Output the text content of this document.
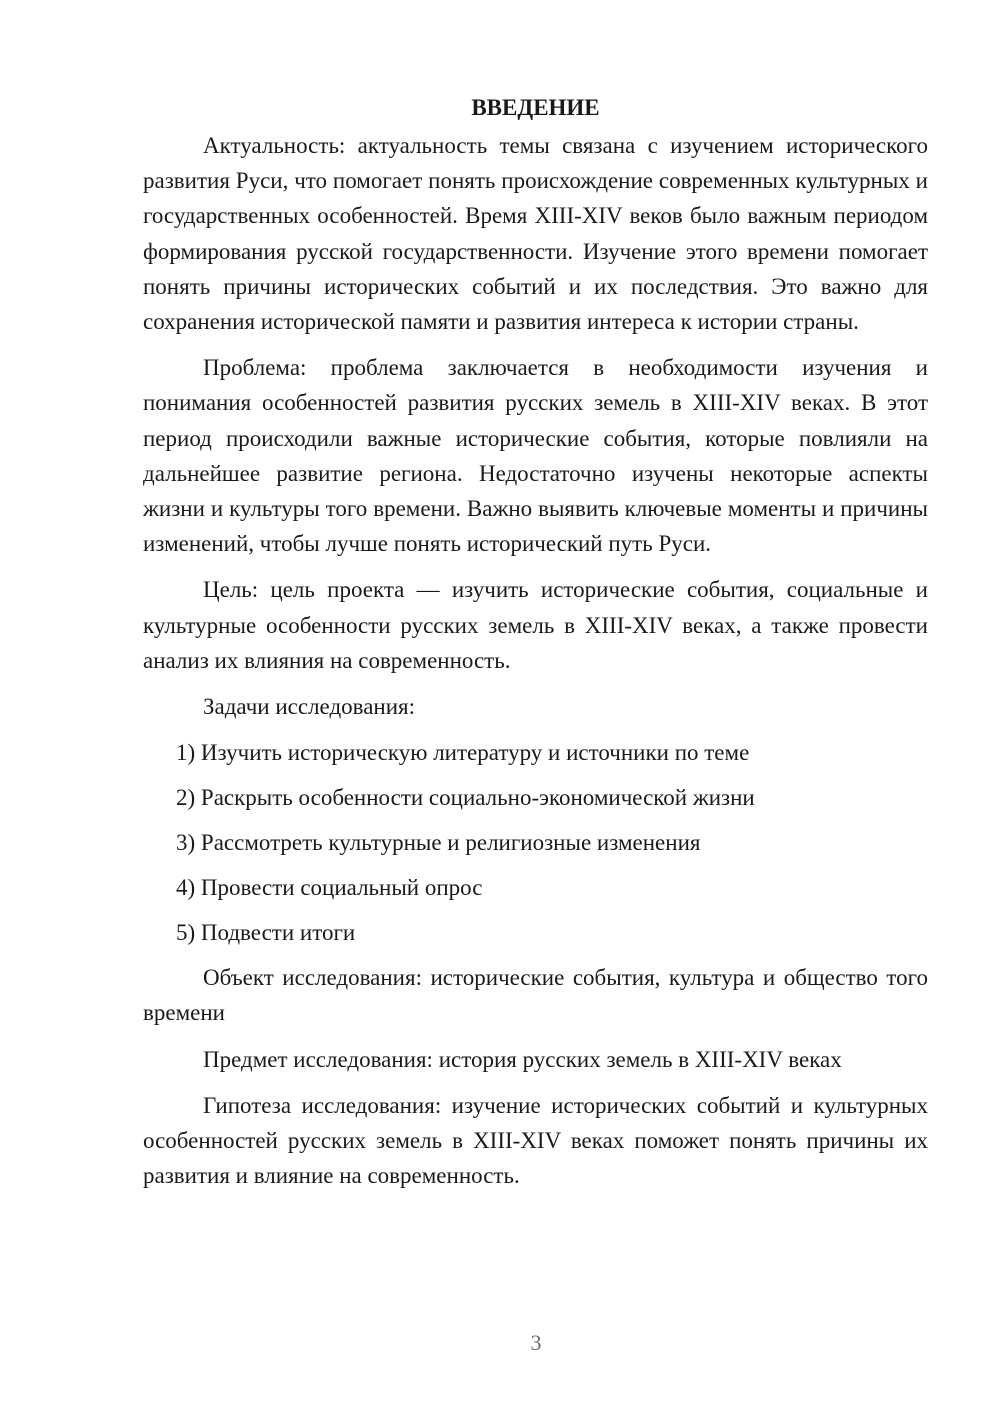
ВВЕДЕНИЕ

Актуальность: актуальность темы связана с изучением исторического развития Руси, что помогает понять происхождение современных культурных и государственных особенностей. Время XIII-XIV веков было важным периодом формирования русской государственности. Изучение этого времени помогает понять причины исторических событий и их последствия. Это важно для сохранения исторической памяти и развития интереса к истории страны.

Проблема: проблема заключается в необходимости изучения и понимания особенностей развития русских земель в XIII-XIV веках. В этот период происходили важные исторические события, которые повлияли на дальнейшее развитие региона. Недостаточно изучены некоторые аспекты жизни и культуры того времени. Важно выявить ключевые моменты и причины изменений, чтобы лучше понять исторический путь Руси.

Цель: цель проекта — изучить исторические события, социальные и культурные особенности русских земель в XIII-XIV веках, а также провести анализ их влияния на современность.

Задачи исследования:

1) Изучить историческую литературу и источники по теме
2) Раскрыть особенности социально-экономической жизни
3) Рассмотреть культурные и религиозные изменения
4) Провести социальный опрос
5) Подвести итоги

Объект исследования: исторические события, культура и общество того времени

Предмет исследования: история русских земель в XIII-XIV веках

Гипотеза исследования: изучение исторических событий и культурных особенностей русских земель в XIII-XIV веках поможет понять причины их развития и влияние на современность.

3
